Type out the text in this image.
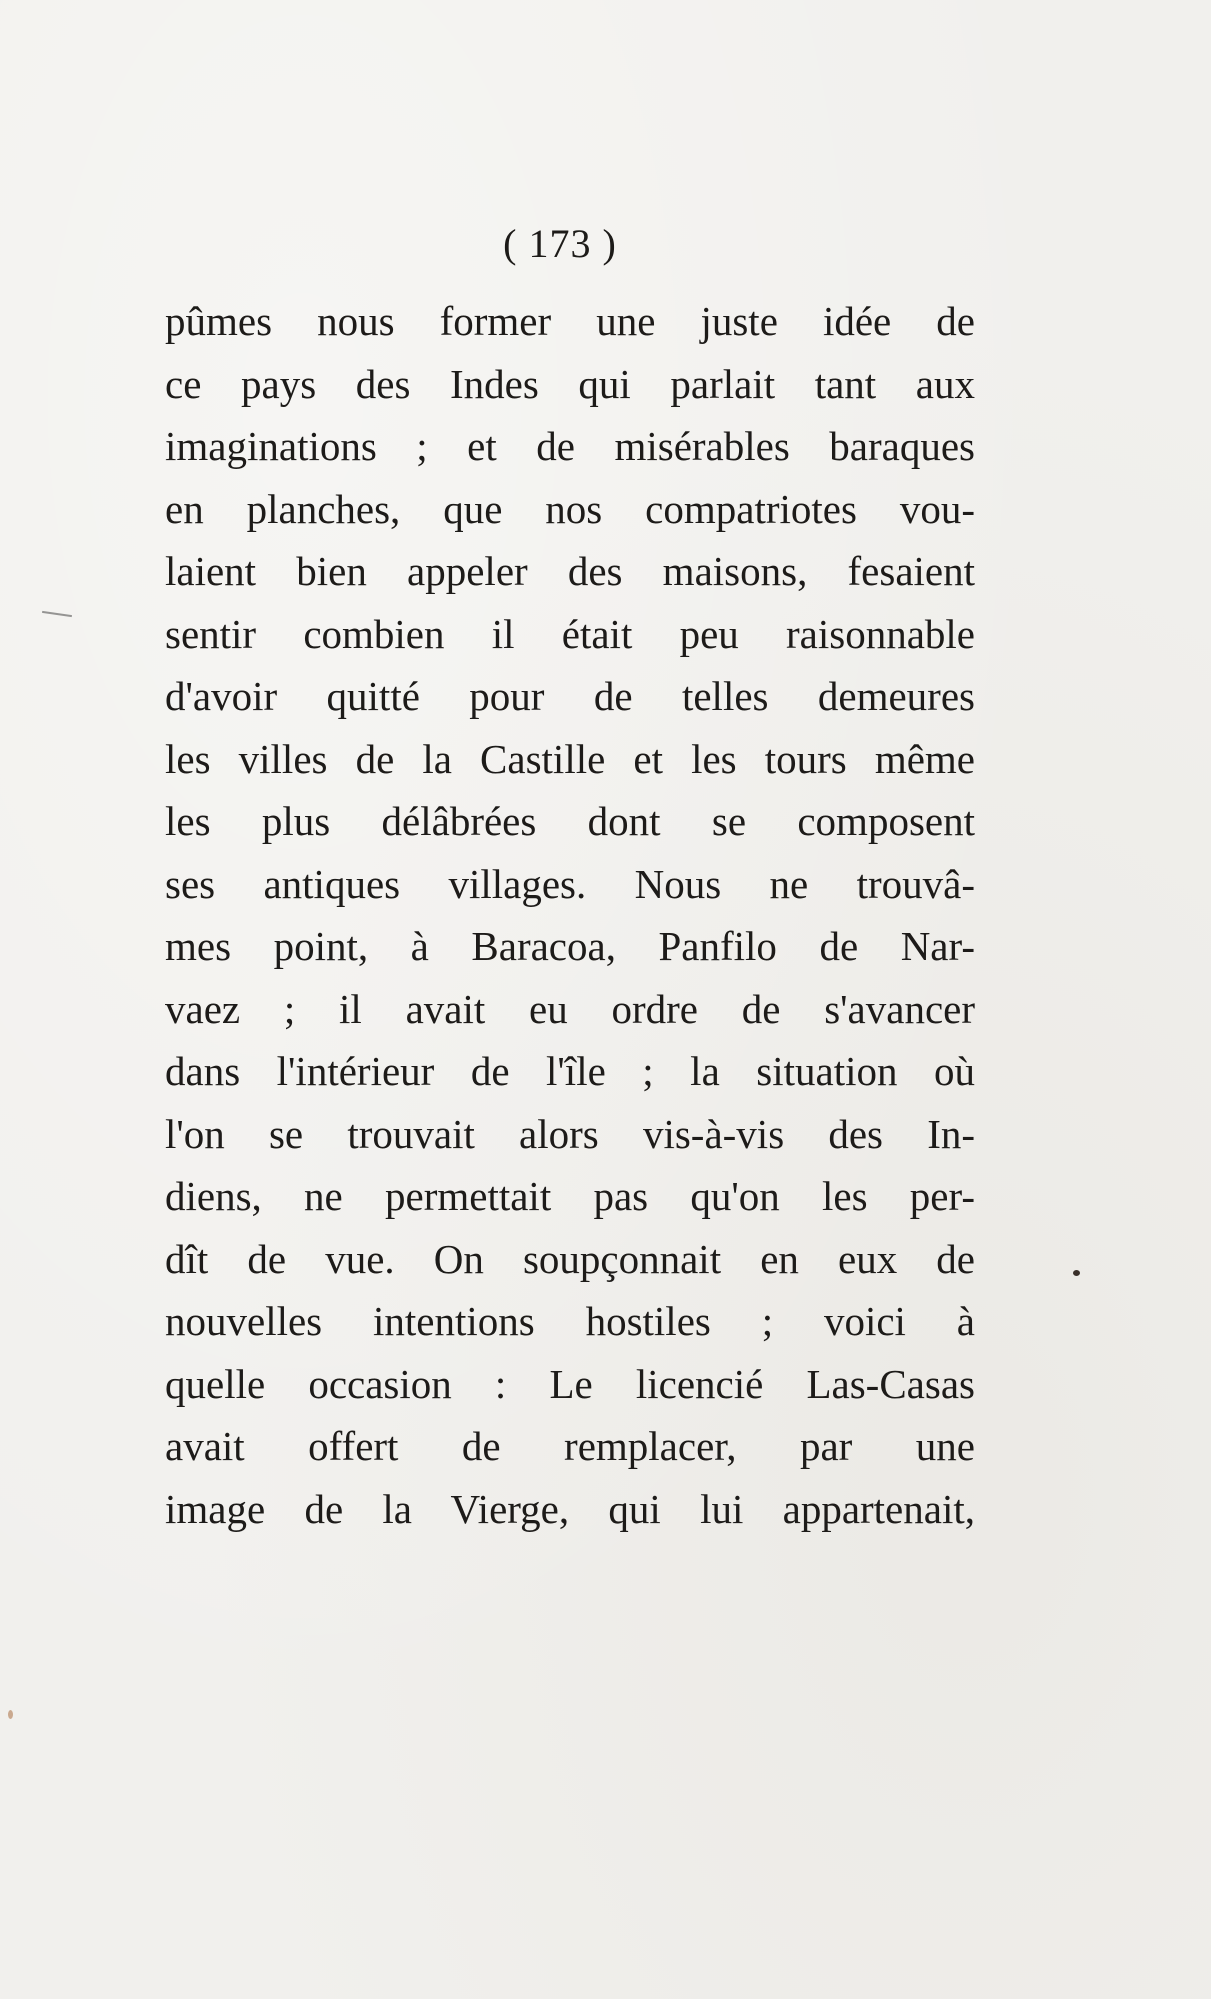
( 173 )
pûmes nous former une juste idée de
ce pays des Indes qui parlait tant aux
imaginations ; et de misérables baraques
en planches, que nos compatriotes vou-
laient bien appeler des maisons, fesaient
sentir combien il était peu raisonnable
d'avoir quitté pour de telles demeures
les villes de la Castille et les tours même
les plus délâbrées dont se composent
ses antiques villages. Nous ne trouvâ-
mes point, à Baracoa, Panfilo de Nar-
vaez ; il avait eu ordre de s'avancer
dans l'intérieur de l'île ; la situation où
l'on se trouvait alors vis-à-vis des In-
diens, ne permettait pas qu'on les per-
dît de vue. On soupçonnait en eux de
nouvelles intentions hostiles ; voici à
quelle occasion : Le licencié Las-Casas
avait offert de remplacer, par une
image de la Vierge, qui lui appartenait,
